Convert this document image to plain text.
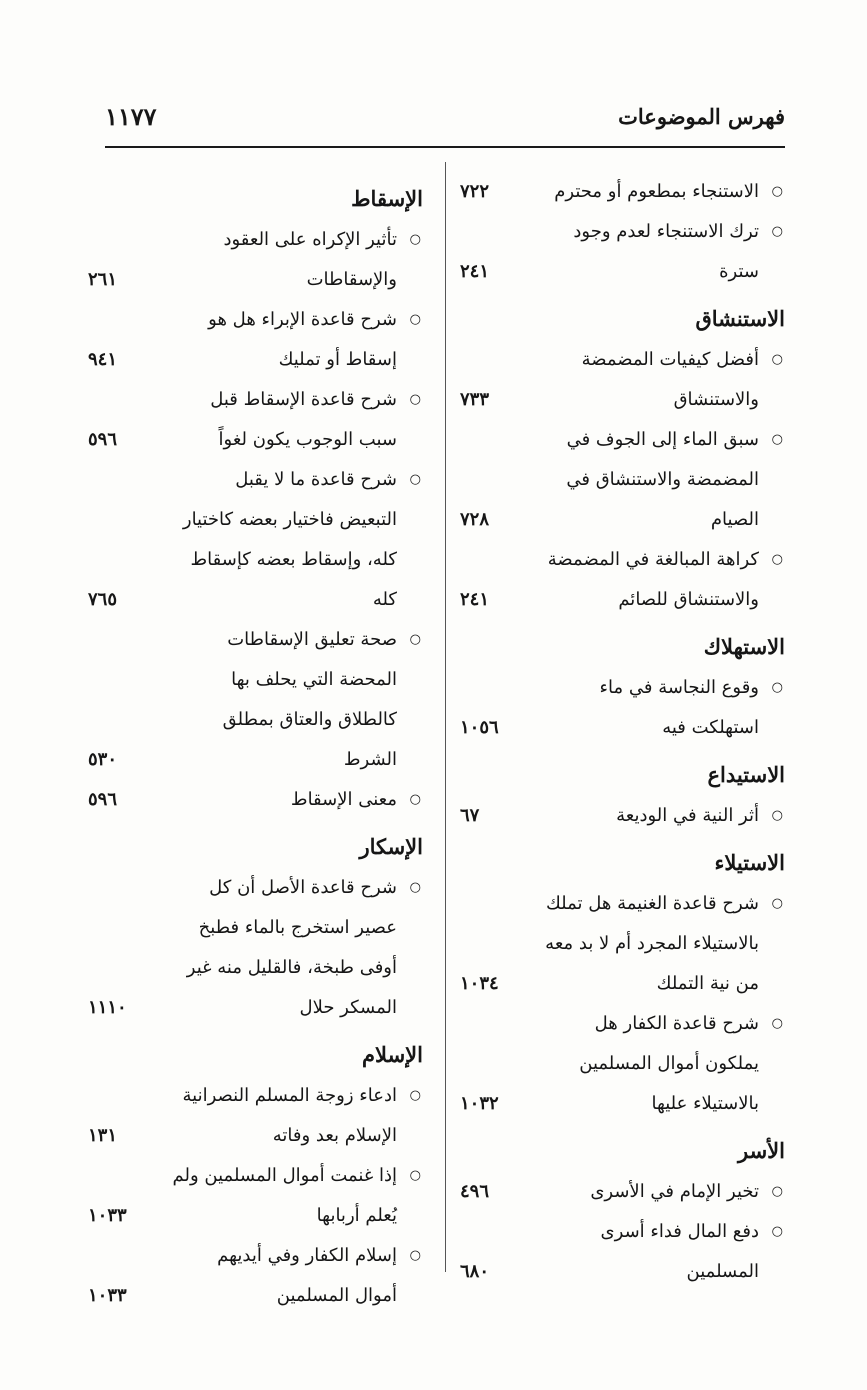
فهرس الموضوعات
١١٧٧
○
الاستنجاء بمطعوم أو محترم
٧٢٢
○
ترك الاستنجاء لعدم وجود سترة
٢٤١
الاستنشاق
○
أفضل كيفيات المضمضة والاستنشاق
٧٣٣
○
سبق الماء إلى الجوف في المضمضة والاستنشاق في الصيام
٧٢٨
○
كراهة المبالغة في المضمضة والاستنشاق للصائم
٢٤١
الاستهلاك
○
وقوع النجاسة في ماء استهلكت فيه
١٠٥٦
الاستيداع
○
أثر النية في الوديعة
٦٧
الاستيلاء
○
شرح قاعدة الغنيمة هل تملك بالاستيلاء المجرد أم لا بد معه من نية التملك
١٠٣٤
○
شرح قاعدة الكفار هل يملكون أموال المسلمين بالاستيلاء عليها
١٠٣٢
الأسر
○
تخير الإمام في الأسرى
٤٩٦
○
دفع المال فداء أسرى المسلمين
٦٨٠
الإسقاط
○
تأثير الإكراه على العقود والإسقاطات
٢٦١
○
شرح قاعدة الإبراء هل هو إسقاط أو تمليك
٩٤١
○
شرح قاعدة الإسقاط قبل سبب الوجوب يكون لغواً
٥٩٦
○
شرح قاعدة ما لا يقبل التبعيض فاختيار بعضه كاختيار كله، وإسقاط بعضه كإسقاط كله
٧٦٥
○
صحة تعليق الإسقاطات المحضة التي يحلف بها كالطلاق والعتاق بمطلق الشرط
٥٣٠
○
معنى الإسقاط
٥٩٦
الإسكار
○
شرح قاعدة الأصل أن كل عصير استخرج بالماء فطبخ أوفى طبخة، فالقليل منه غير المسكر حلال
١١١٠
الإسلام
○
ادعاء زوجة المسلم النصرانية الإسلام بعد وفاته
١٣١
○
إذا غنمت أموال المسلمين ولم يُعلم أربابها
١٠٣٣
○
إسلام الكفار وفي أيديهم أموال المسلمين
١٠٣٣
